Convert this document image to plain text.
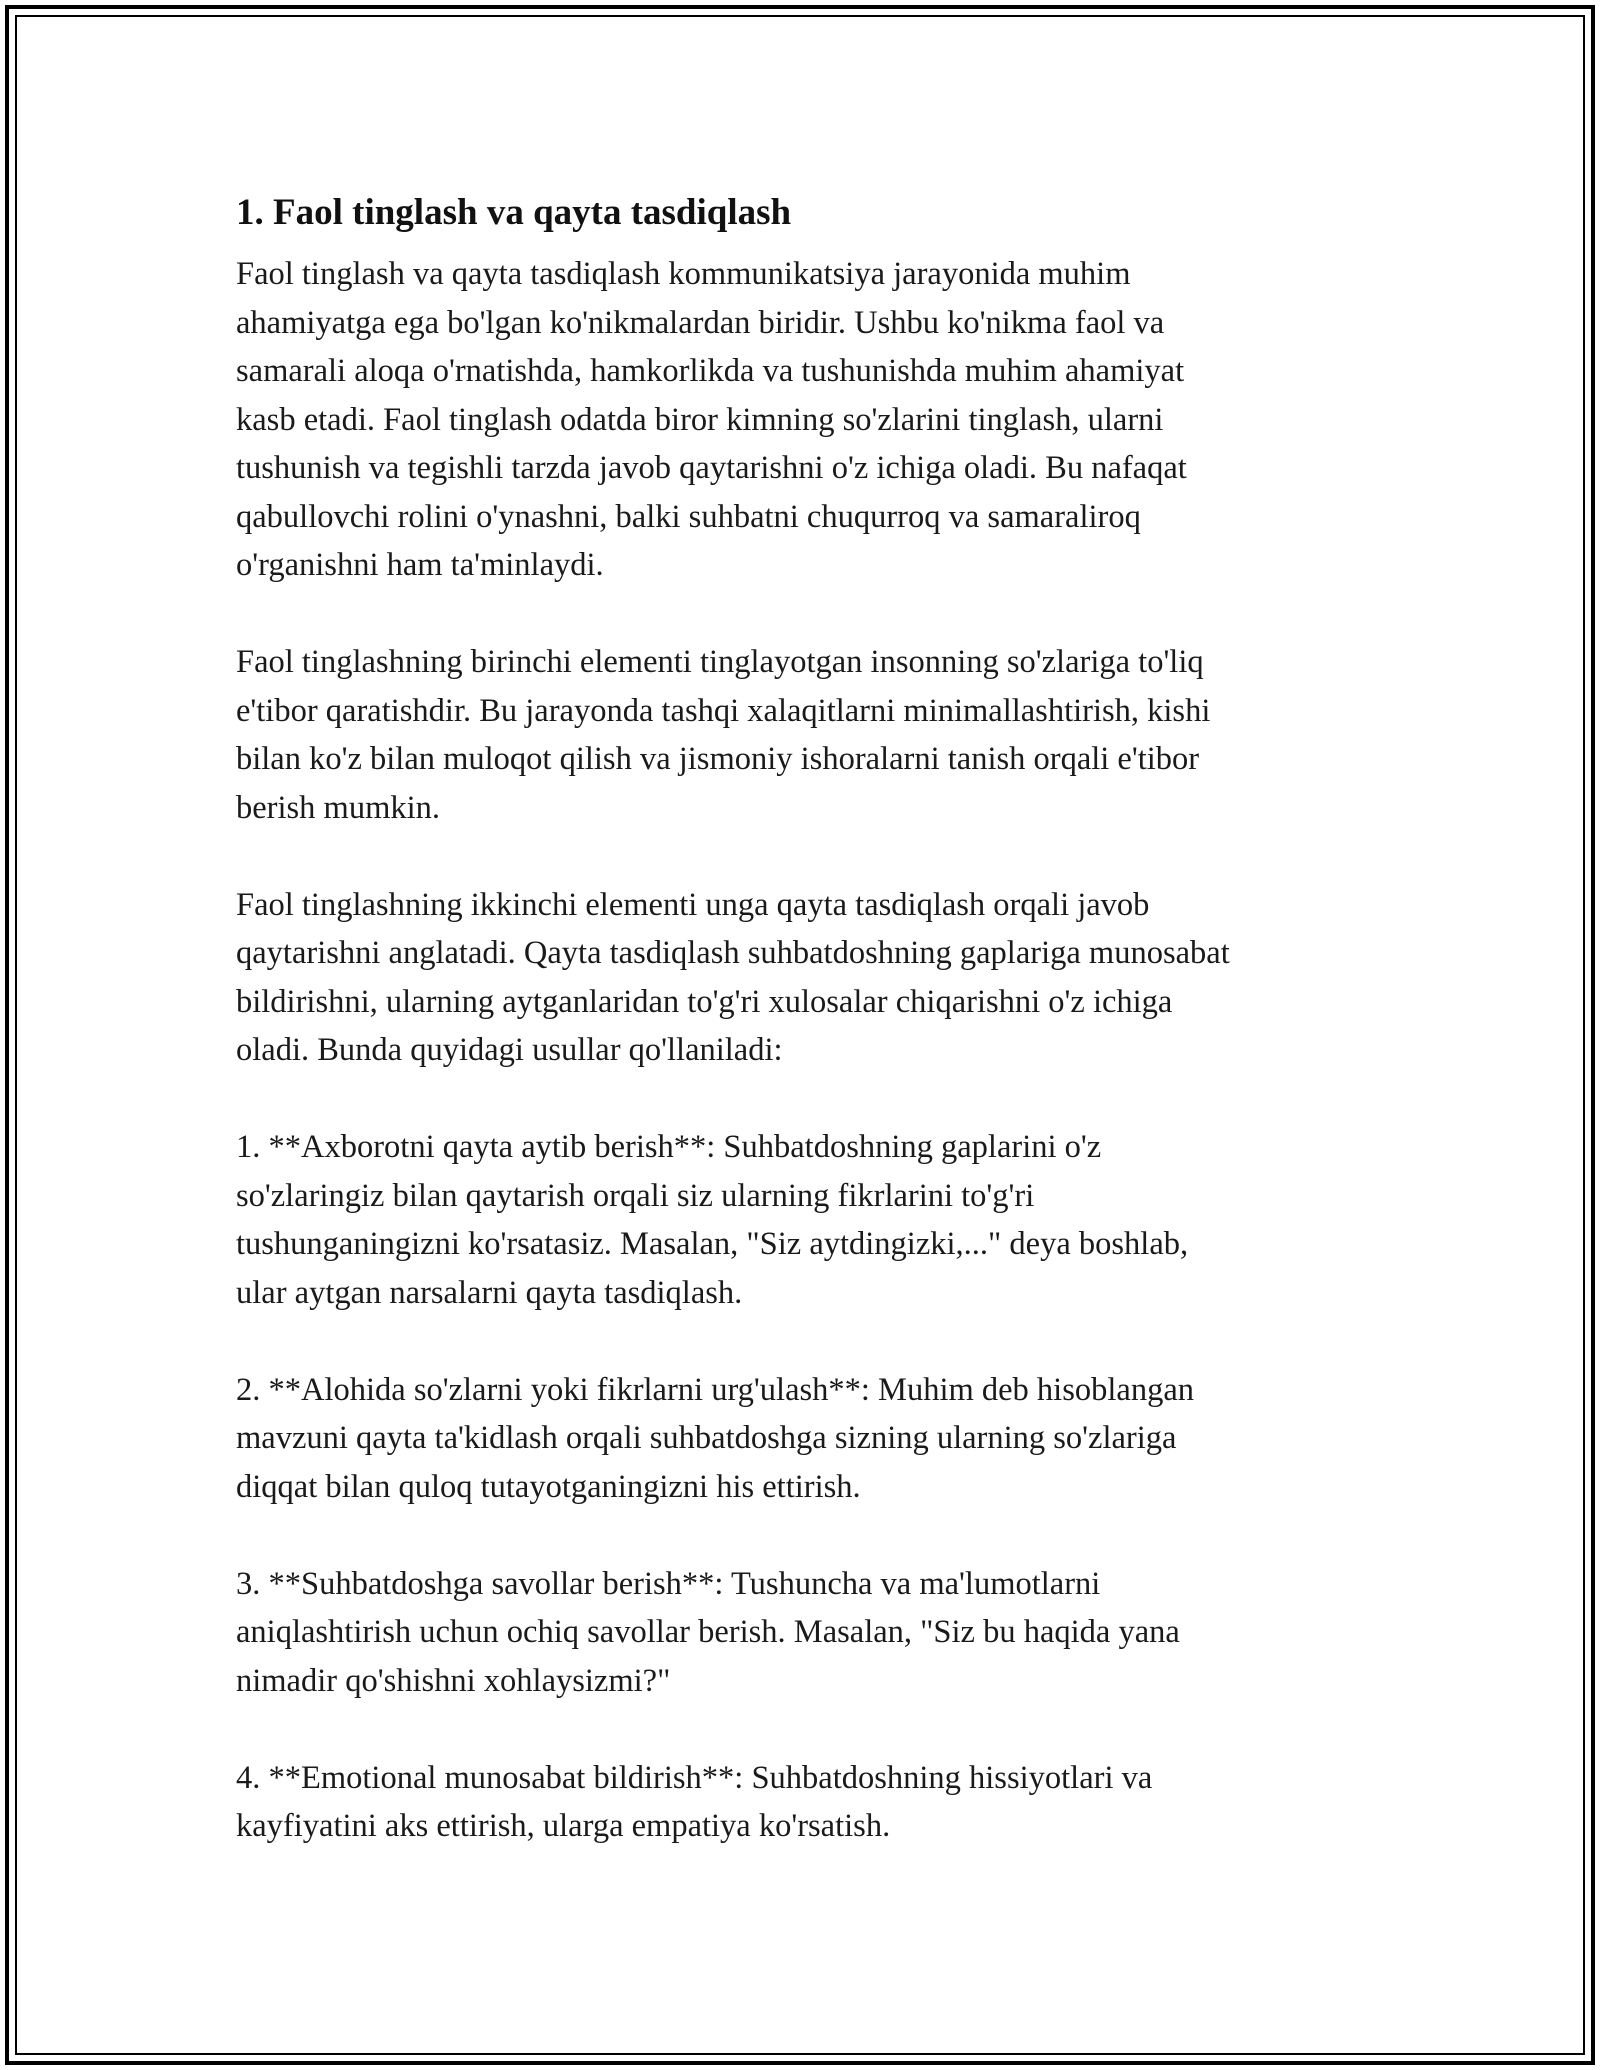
1. Faol tinglash va qayta tasdiqlash

Faol tinglash va qayta tasdiqlash kommunikatsiya jarayonida muhim
ahamiyatga ega bo'lgan ko'nikmalardan biridir. Ushbu ko'nikma faol va
samarali aloqa o'rnatishda, hamkorlikda va tushunishda muhim ahamiyat
kasb etadi. Faol tinglash odatda biror kimning so'zlarini tinglash, ularni
tushunish va tegishli tarzda javob qaytarishni o'z ichiga oladi. Bu nafaqat
qabullovchi rolini o'ynashni, balki suhbatni chuqurroq va samaraliroq
o'rganishni ham ta'minlaydi.

Faol tinglashning birinchi elementi tinglayotgan insonning so'zlariga to'liq
e'tibor qaratishdir. Bu jarayonda tashqi xalaqitlarni minimallashtirish, kishi
bilan ko'z bilan muloqot qilish va jismoniy ishoralarni tanish orqali e'tibor
berish mumkin.

Faol tinglashning ikkinchi elementi unga qayta tasdiqlash orqali javob
qaytarishni anglatadi. Qayta tasdiqlash suhbatdoshning gaplariga munosabat
bildirishni, ularning aytganlaridan to'g'ri xulosalar chiqarishni o'z ichiga
oladi. Bunda quyidagi usullar qo'llaniladi:

1. **Axborotni qayta aytib berish**: Suhbatdoshning gaplarini o'z
so'zlaringiz bilan qaytarish orqali siz ularning fikrlarini to'g'ri
tushunganingizni ko'rsatasiz. Masalan, "Siz aytdingizki,..." deya boshlab,
ular aytgan narsalarni qayta tasdiqlash.

2. **Alohida so'zlarni yoki fikrlarni urg'ulash**: Muhim deb hisoblangan
mavzuni qayta ta'kidlash orqali suhbatdoshga sizning ularning so'zlariga
diqqat bilan quloq tutayotganingizni his ettirish.

3. **Suhbatdoshga savollar berish**: Tushuncha va ma'lumotlarni
aniqlashtirish uchun ochiq savollar berish. Masalan, "Siz bu haqida yana
nimadir qo'shishni xohlaysizmi?"

4. **Emotional munosabat bildirish**: Suhbatdoshning hissiyotlari va
kayfiyatini aks ettirish, ularga empatiya ko'rsatish.
